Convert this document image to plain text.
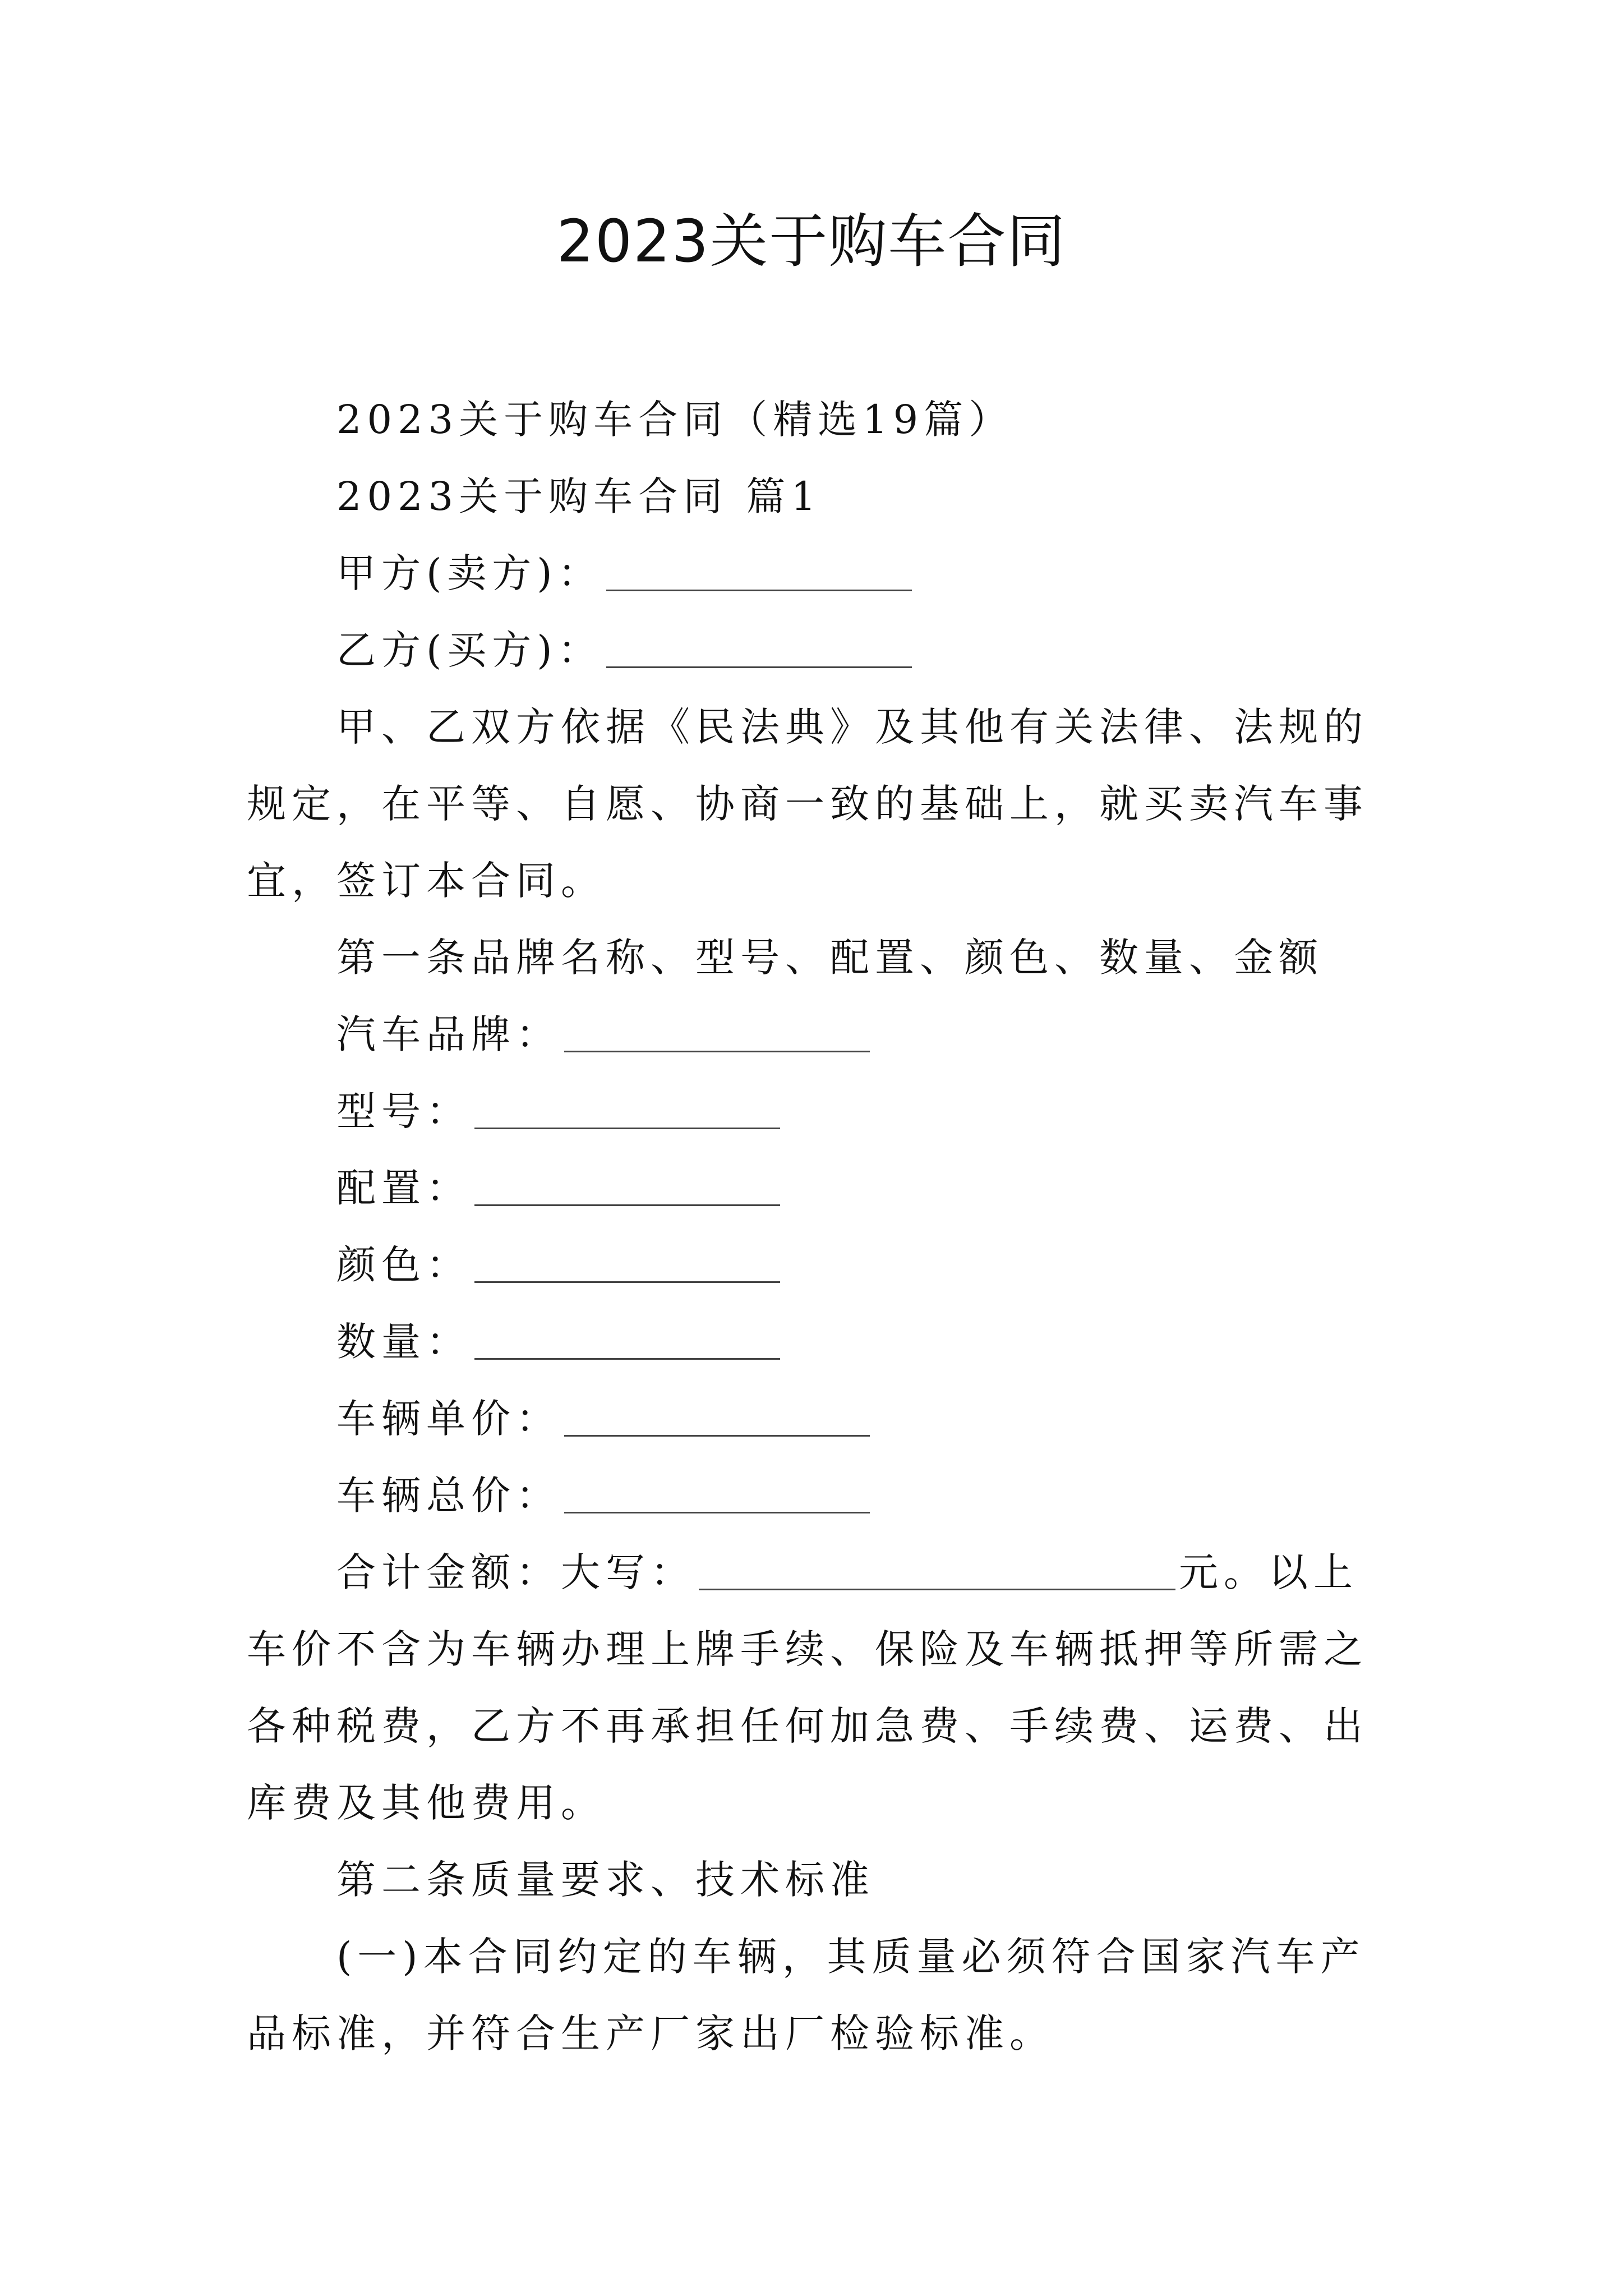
2023关于购车合同

2023关于购车合同（精选19篇）

2023关于购车合同 篇1

甲方(卖方)：

乙方(买方)：

甲、乙双方依据《民法典》及其他有关法律、法规的规定，在平等、自愿、协商一致的基础上，就买卖汽车事宜，签订本合同。

第一条品牌名称、型号、配置、颜色、数量、金额

汽车品牌：

型号：

配置：

颜色：

数量：

车辆单价：

车辆总价：

合计金额：大写：	元。以上车价不含为车辆办理上牌手续、保险及车辆抵押等所需之各种税费，乙方不再承担任何加急费、手续费、运费、出库费及其他费用。

第二条质量要求、技术标准

(一)本合同约定的车辆，其质量必须符合国家汽车产品标准，并符合生产厂家出厂检验标准。
